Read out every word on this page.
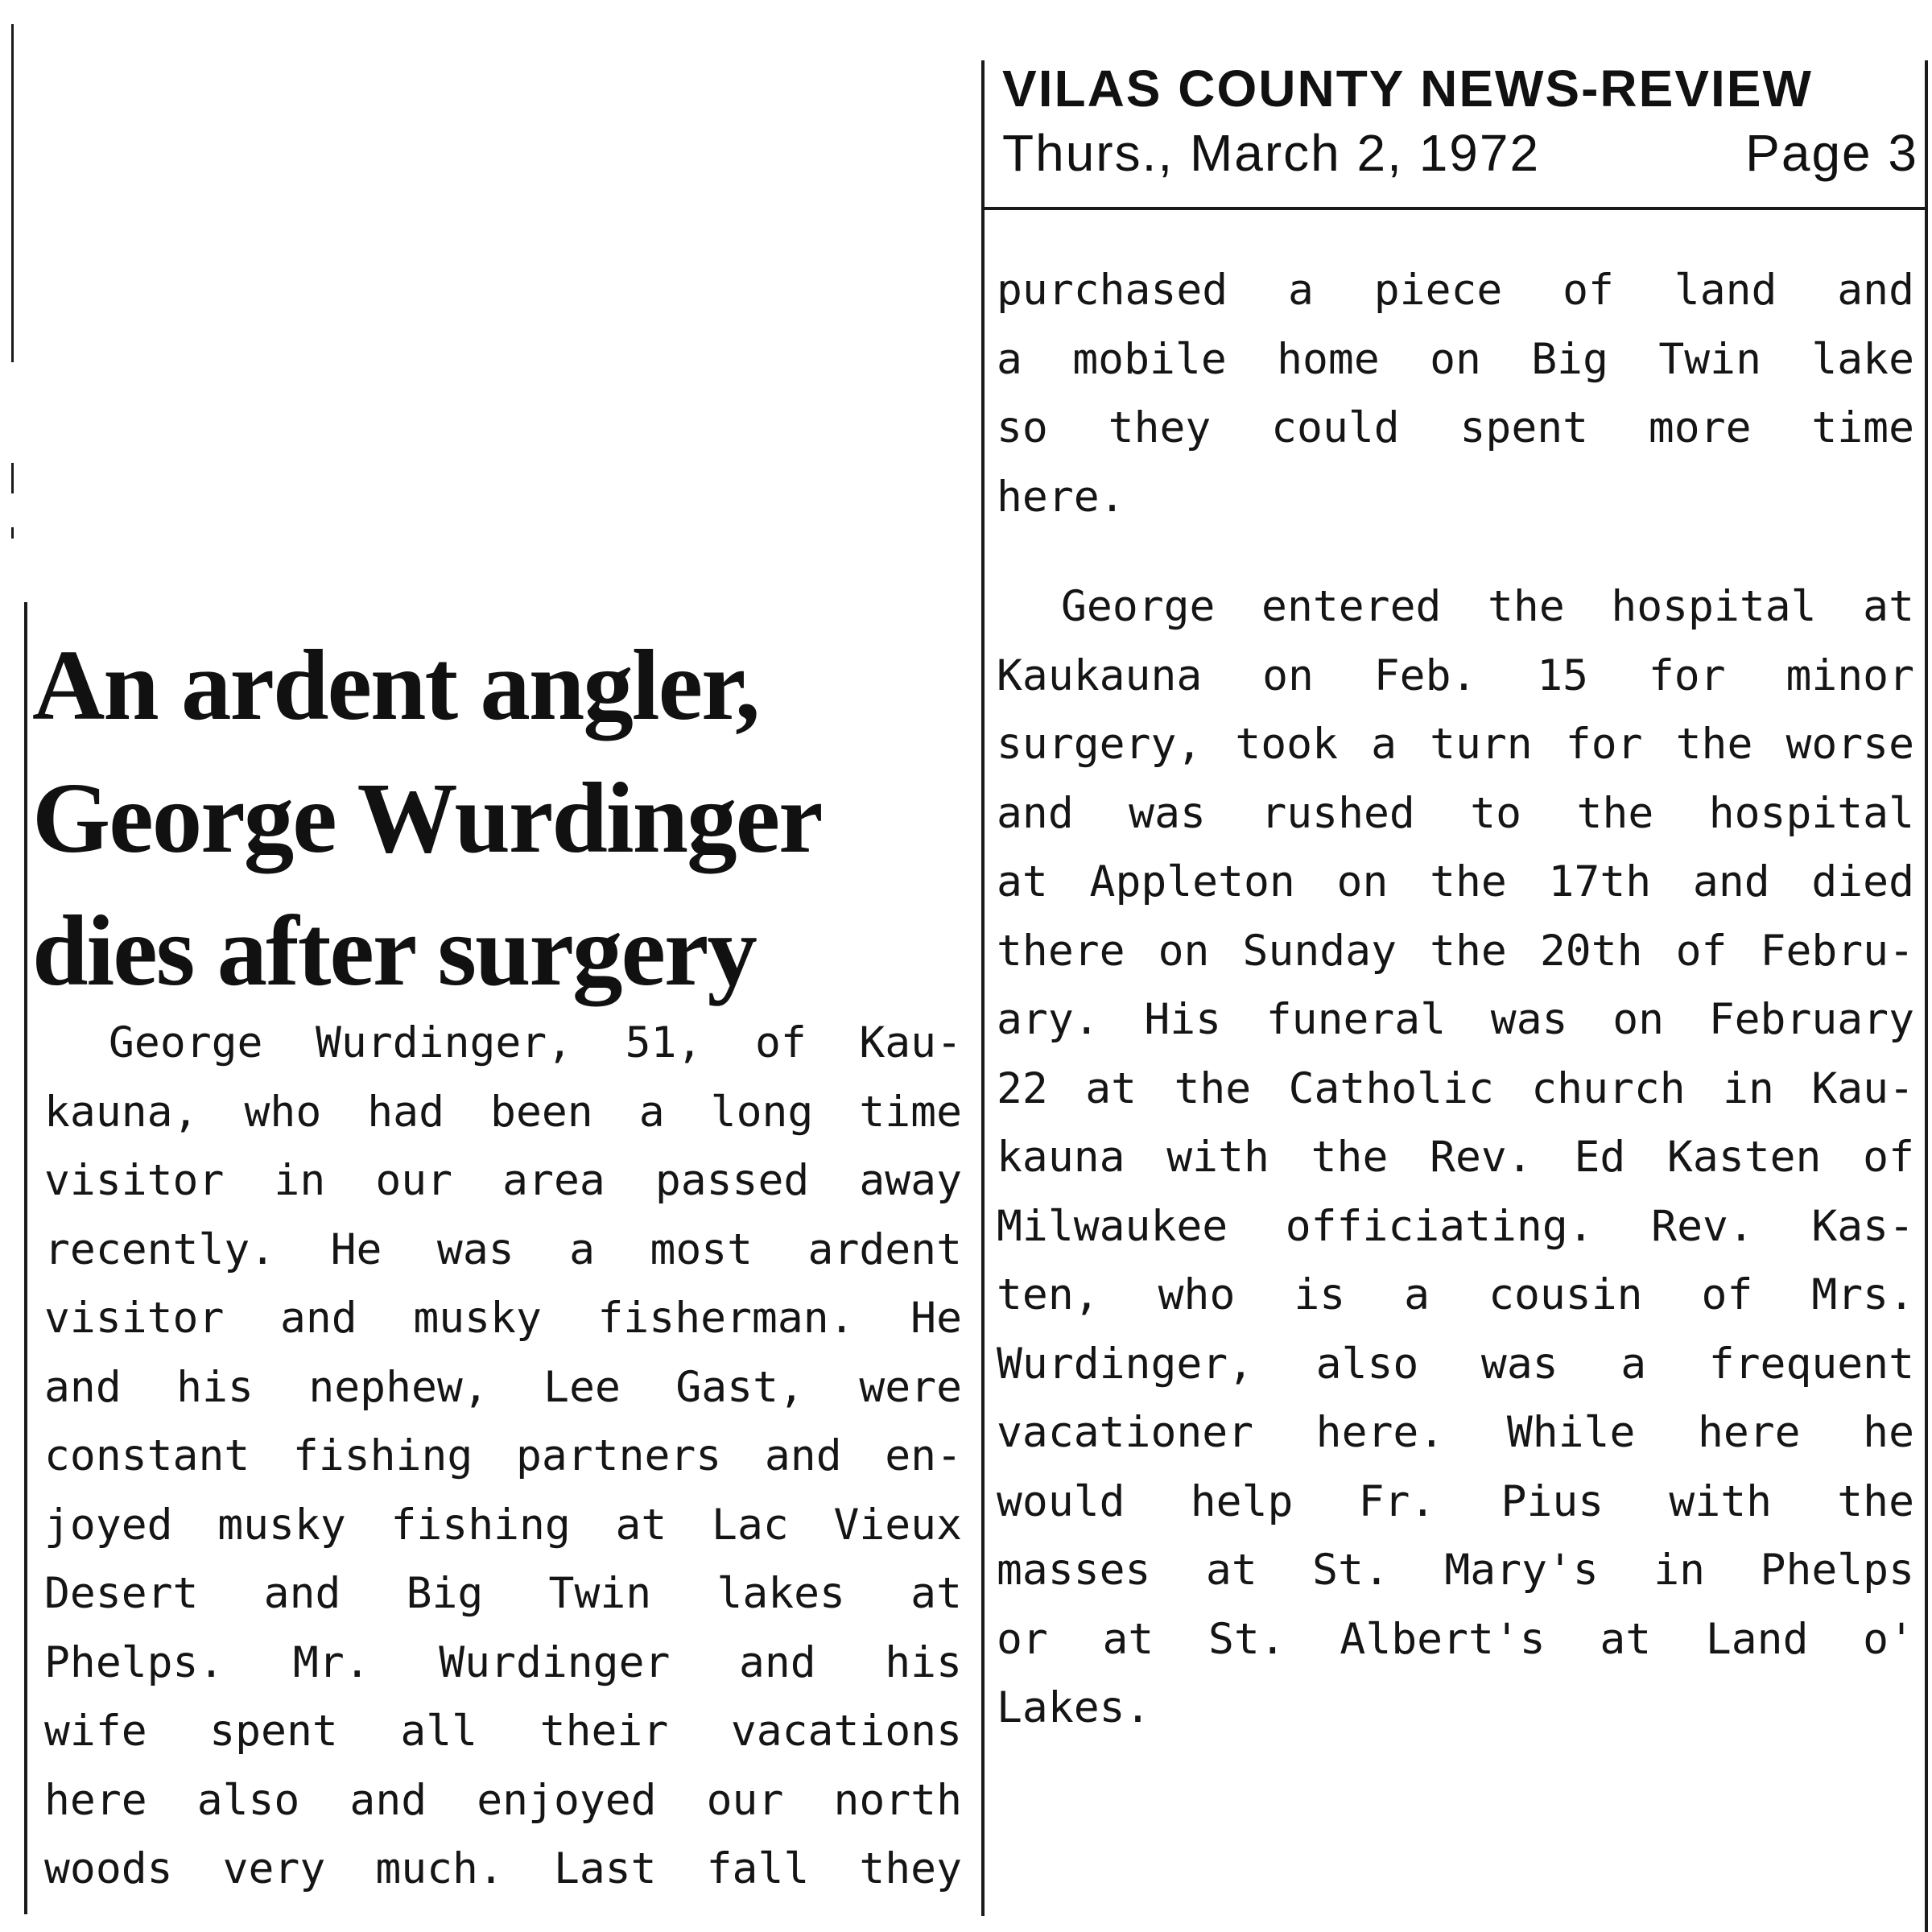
VILAS COUNTY NEWS-REVIEW
Thurs., March 2, 1972	Page 3
An ardent angler,
George Wurdinger
dies after surgery
George Wurdinger, 51, of Kau-
kauna, who had been a long time
visitor in our area passed away
recently. He was a most ardent
visitor and musky fisherman. He
and his nephew, Lee Gast, were
constant fishing partners and en-
joyed musky fishing at Lac Vieux
Desert and Big Twin lakes at
Phelps. Mr. Wurdinger and his
wife spent all their vacations
here also and enjoyed our north
woods very much. Last fall they
purchased a piece of land and
a mobile home on Big Twin lake
so they could spent more time
here.
George entered the hospital at
Kaukauna on Feb. 15 for minor
surgery, took a turn for the worse
and was rushed to the hospital
at Appleton on the 17th and died
there on Sunday the 20th of Febru-
ary. His funeral was on February
22 at the Catholic church in Kau-
kauna with the Rev. Ed Kasten of
Milwaukee officiating. Rev. Kas-
ten, who is a cousin of Mrs.
Wurdinger, also was a frequent
vacationer here. While here he
would help Fr. Pius with the
masses at St. Mary's in Phelps
or at St. Albert's at Land o'
Lakes.
